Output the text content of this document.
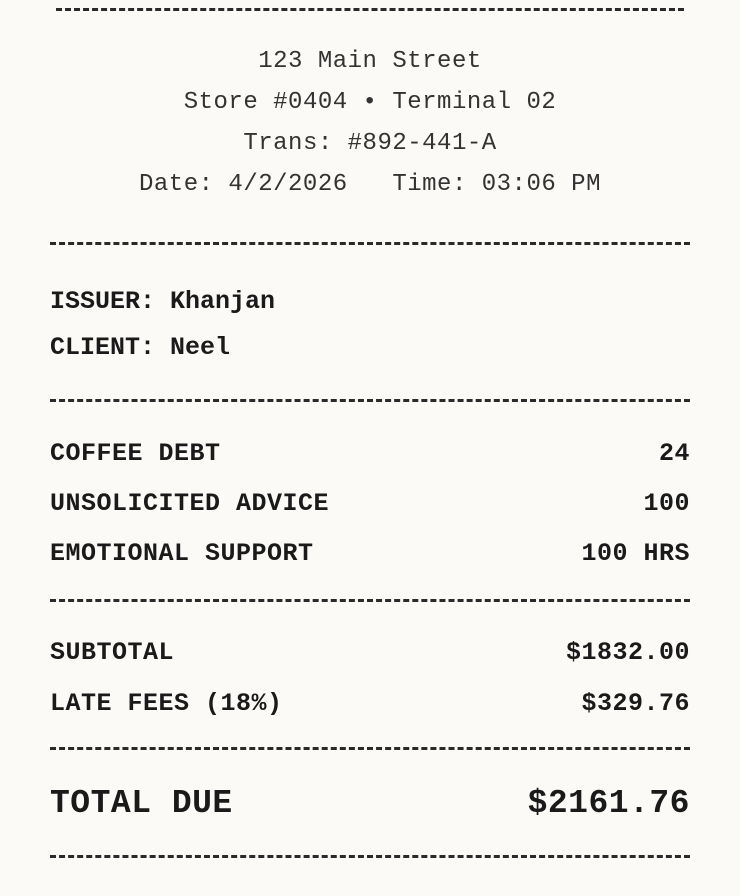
123 Main Street
Store #0404 • Terminal 02
Trans: #892-441-A
Date: 4/2/2026   Time: 03:06 PM
ISSUER: Khanjan
CLIENT: Neel
COFFEE DEBT	24
UNSOLICITED ADVICE	100
EMOTIONAL SUPPORT	100 HRS
SUBTOTAL	$1832.00
LATE FEES (18%)	$329.76
TOTAL DUE	$2161.76
